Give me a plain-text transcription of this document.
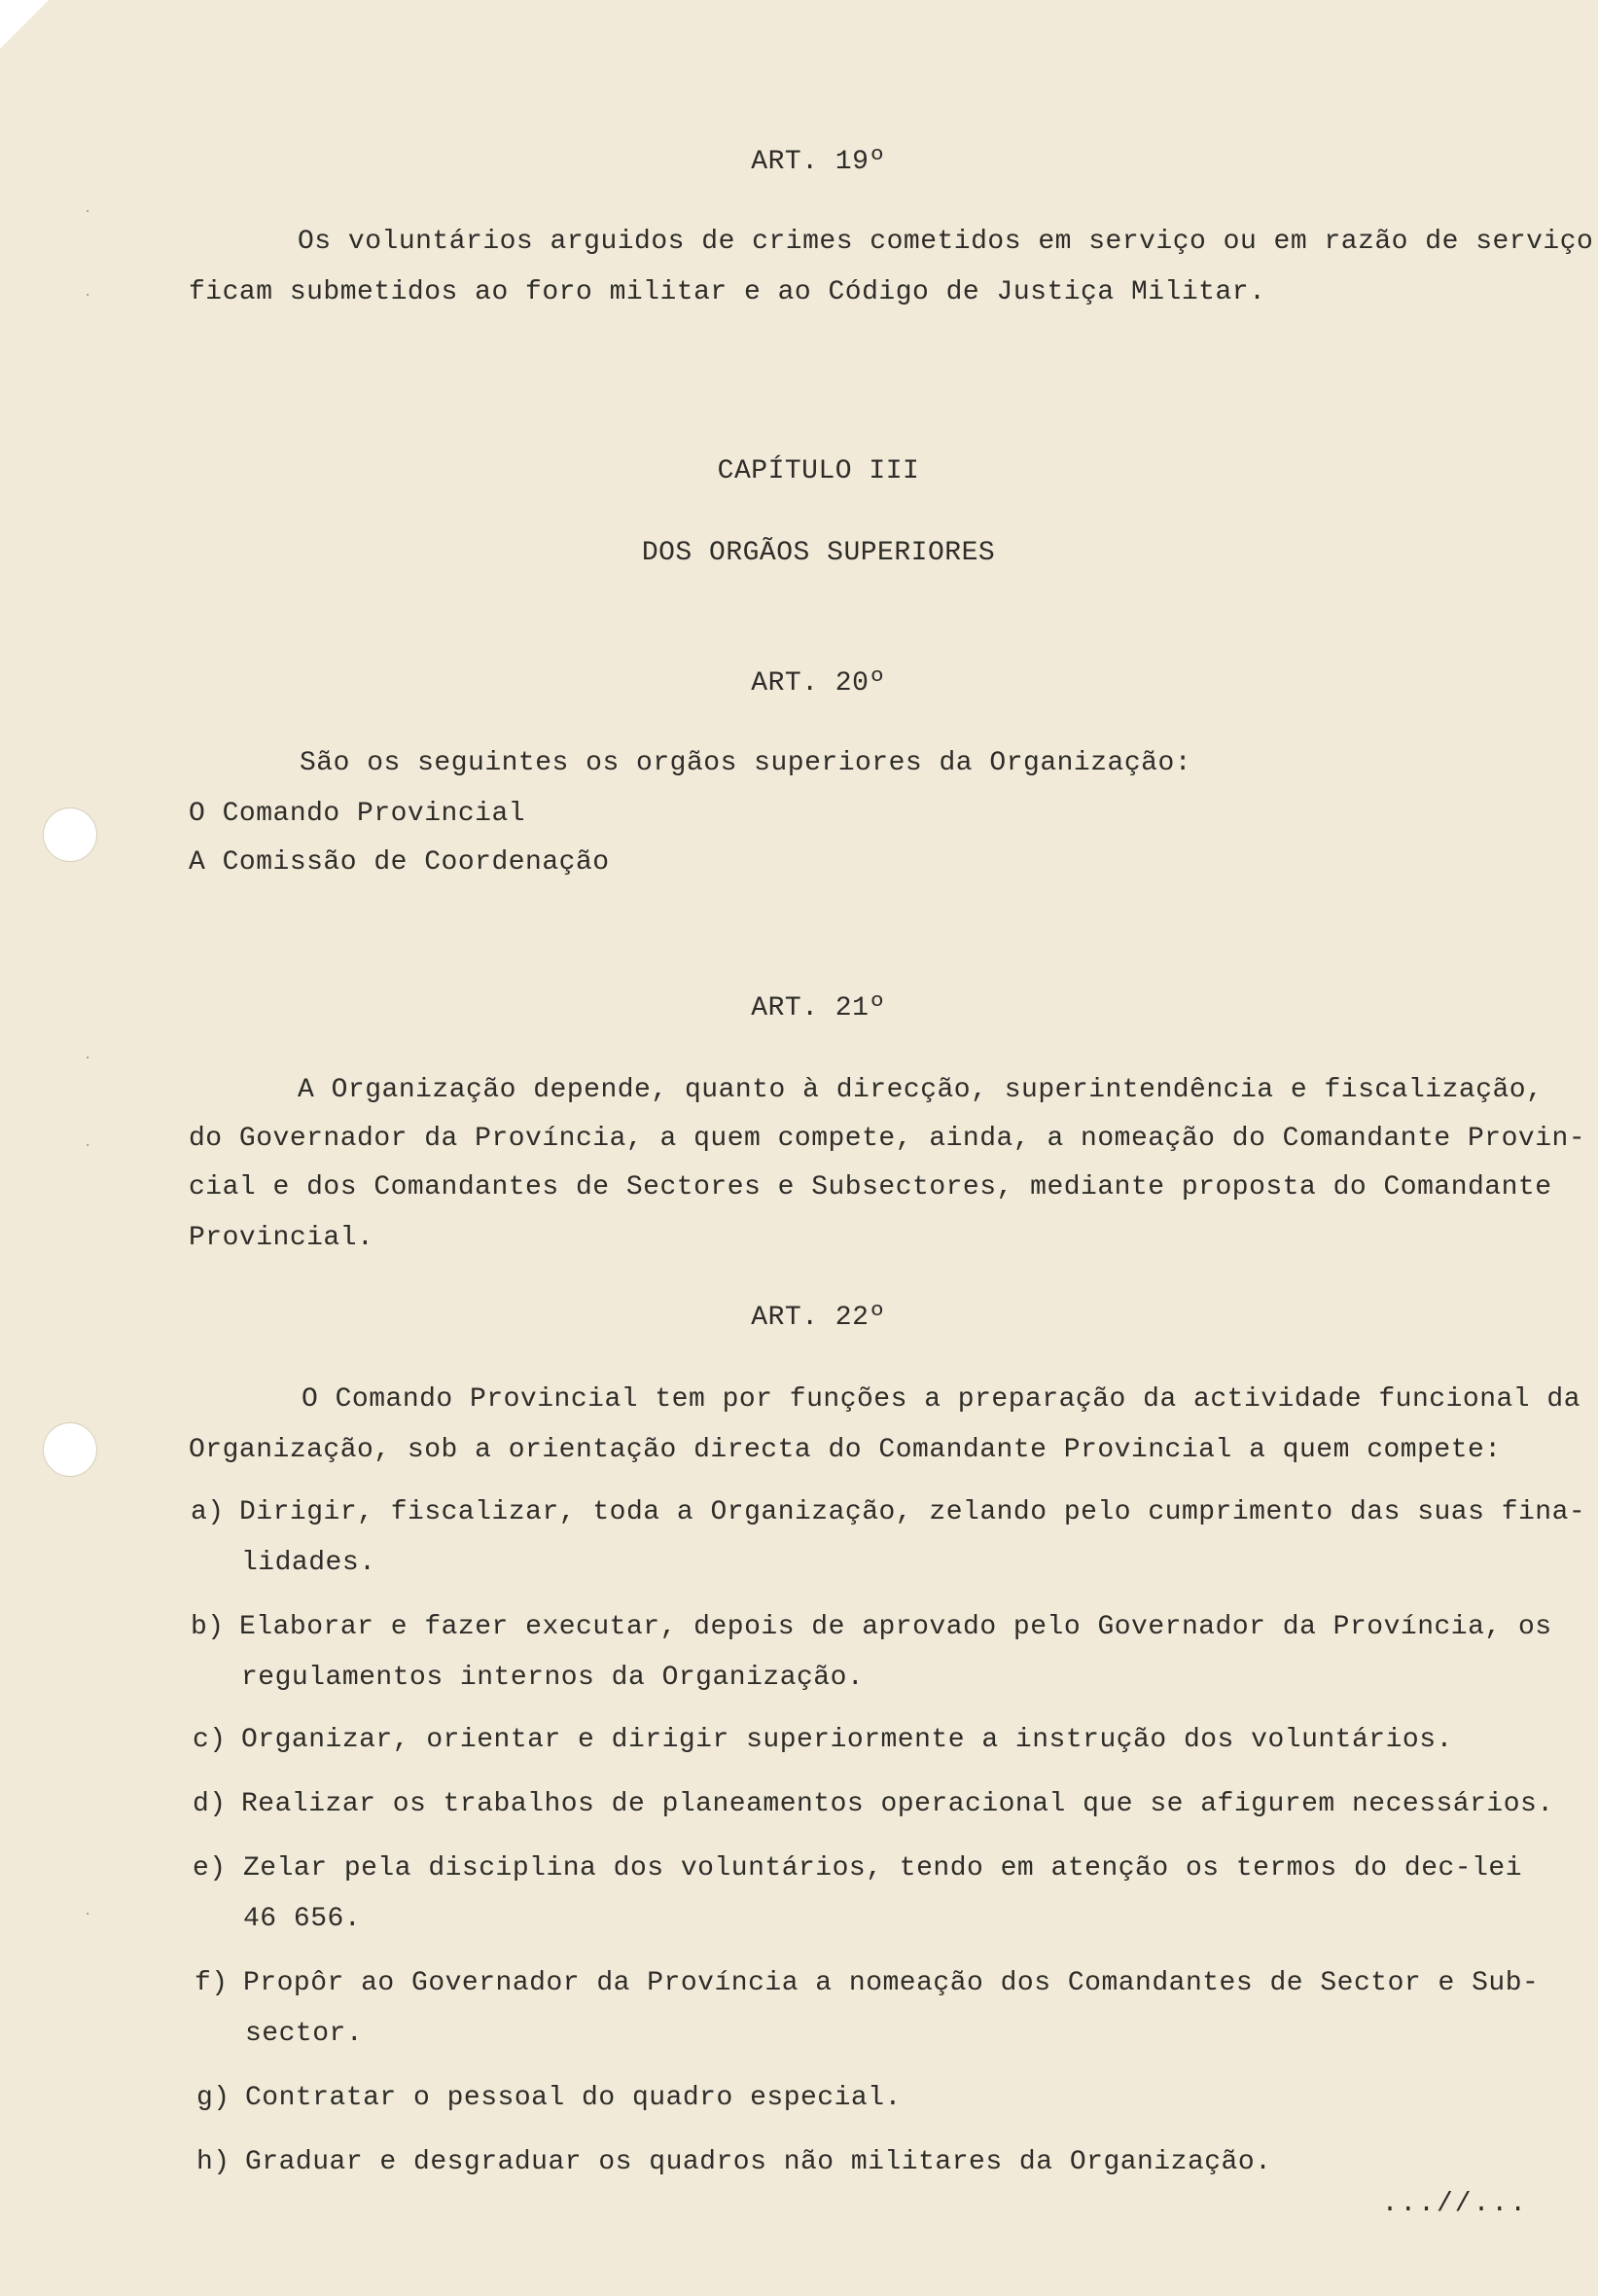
·
·
·
·
·
ART. 19º
Os voluntários arguidos de crimes cometidos em serviço ou em razão de serviço
ficam submetidos ao foro militar e ao Código de Justiça Militar.
CAPÍTULO III
DOS ORGÃOS SUPERIORES
ART. 20º
São os seguintes os orgãos superiores da Organização:
O Comando Provincial
A Comissão de Coordenação
ART. 21º
A Organização depende, quanto à direcção, superintendência e fiscalização,
do Governador da Província, a quem compete, ainda, a nomeação do Comandante Provin-
cial e dos Comandantes de Sectores e Subsectores, mediante proposta do Comandante
Provincial.
ART. 22º
O Comando Provincial tem por funções a preparação da actividade funcional da
Organização, sob a orientação directa do Comandante Provincial a quem compete:
a) Dirigir, fiscalizar, toda a Organização, zelando pelo cumprimento das suas fina-
lidades.
b) Elaborar e fazer executar, depois de aprovado pelo Governador da Província, os
regulamentos internos da Organização.
c) Organizar, orientar e dirigir superiormente a instrução dos voluntários.
d) Realizar os trabalhos de planeamentos operacional que se afigurem necessários.
e) Zelar pela disciplina dos voluntários, tendo em atenção os termos do dec-lei
46 656.
f) Propôr ao Governador da Província a nomeação dos Comandantes de Sector e Sub-
sector.
g) Contratar o pessoal do quadro especial.
h) Graduar e desgraduar os quadros não militares da Organização.
...//...
